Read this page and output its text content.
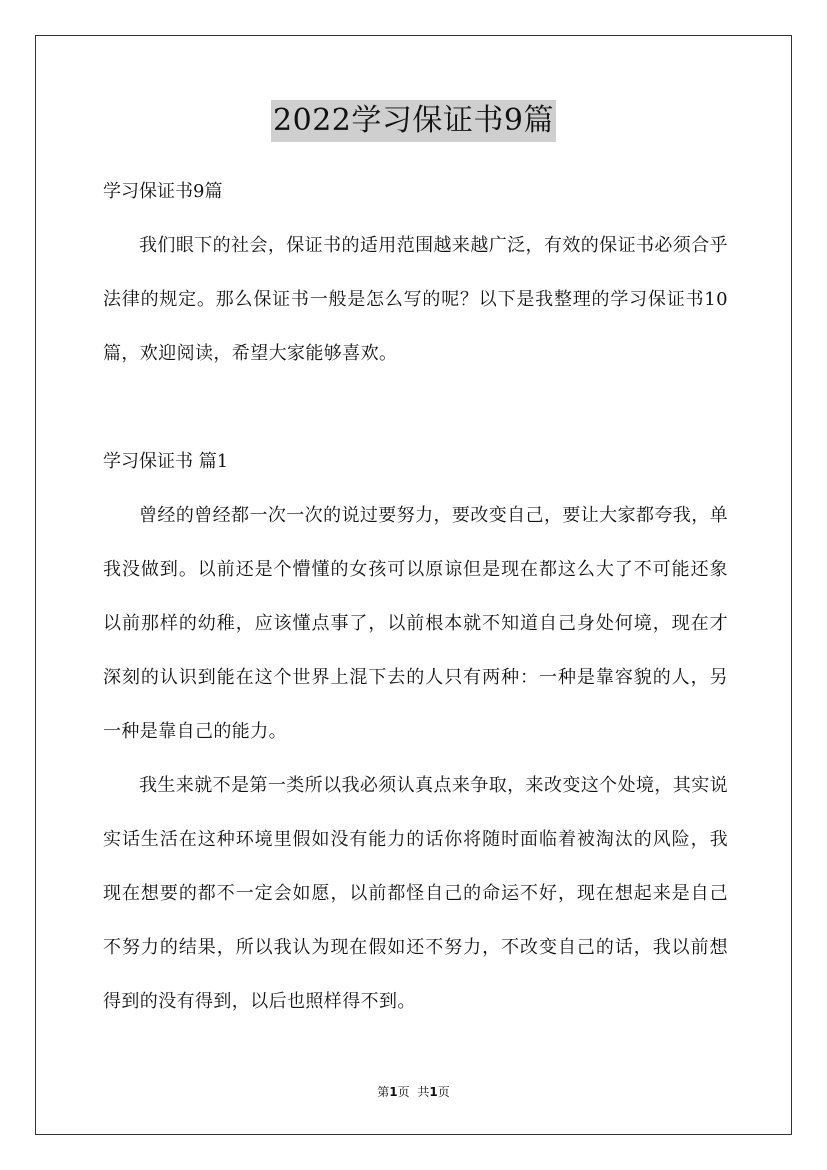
2022学习保证书9篇

学习保证书9篇

我们眼下的社会，保证书的适用范围越来越广泛，有效的保证书必须合乎法律的规定。那么保证书一般是怎么写的呢？以下是我整理的学习保证书10篇，欢迎阅读，希望大家能够喜欢。

学习保证书 篇1

曾经的曾经都一次一次的说过要努力，要改变自己，要让大家都夸我，单我没做到。以前还是个懵懂的女孩可以原谅但是现在都这么大了不可能还象以前那样的幼稚，应该懂点事了，以前根本就不知道自己身处何境，现在才深刻的认识到能在这个世界上混下去的人只有两种：一种是靠容貌的人，另一种是靠自己的能力。

我生来就不是第一类所以我必须认真点来争取，来改变这个处境，其实说实话生活在这种环境里假如没有能力的话你将随时面临着被淘汰的风险，我现在想要的都不一定会如愿，以前都怪自己的命运不好，现在想起来是自己不努力的结果，所以我认为现在假如还不努力，不改变自己的话，我以前想得到的没有得到，以后也照样得不到。

第1页 共1页
